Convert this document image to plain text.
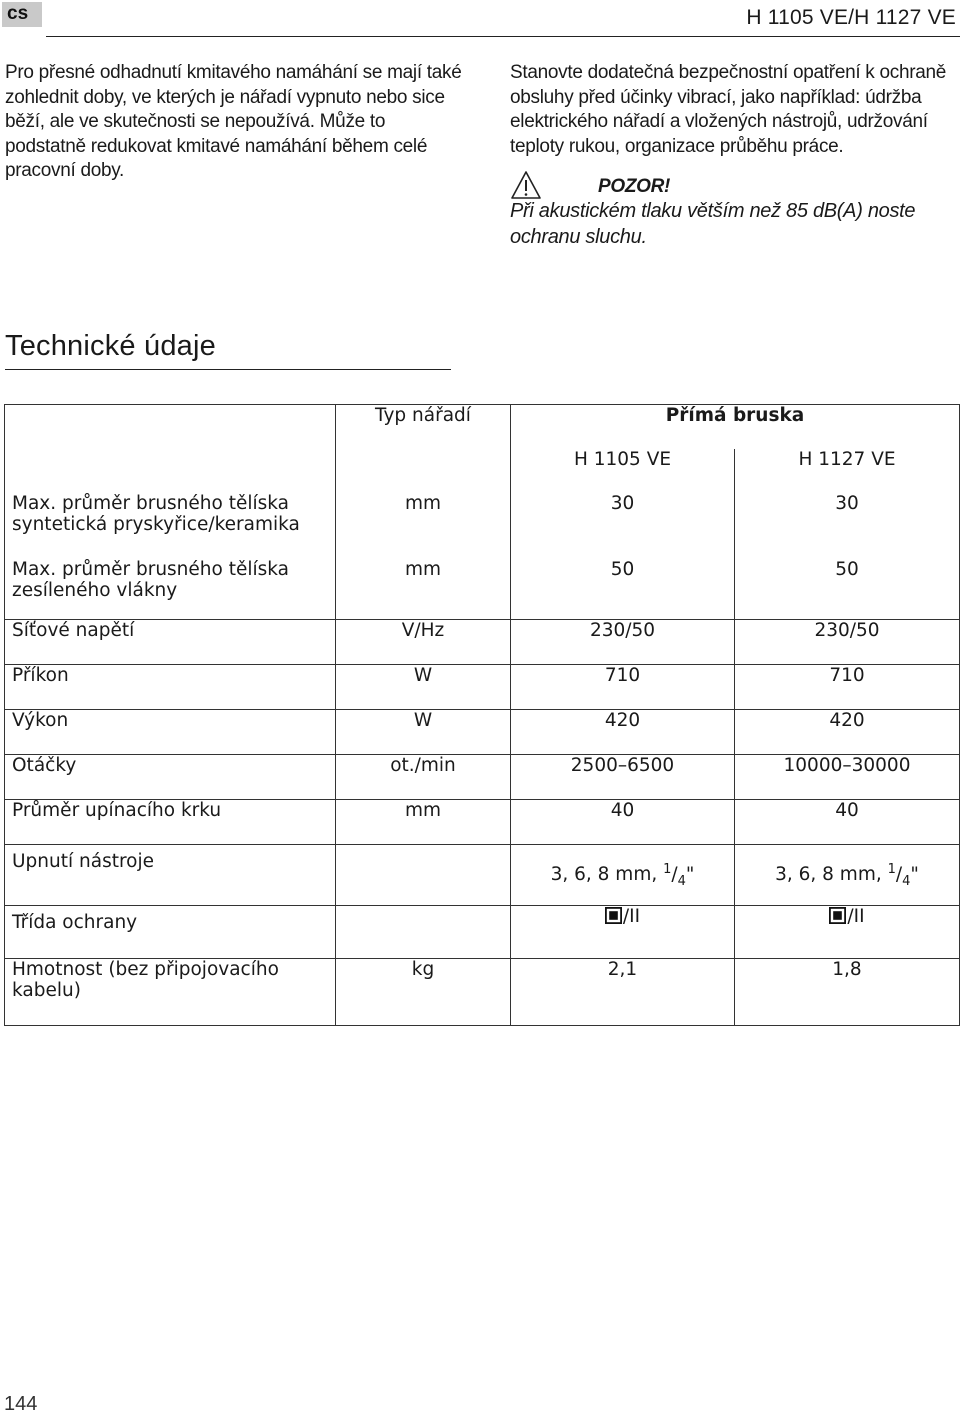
cs	H 1105 VE/H 1127 VE

Pro přesné odhadnutí kmitavého namáhání se mají také zohlednit doby, ve kterých je nářadí vypnuto nebo sice běží, ale ve skutečnosti se nepoužívá. Může to podstatně redukovat kmitavé namáhání během celé pracovní doby.

Stanovte dodatečná bezpečnostní opatření k ochraně obsluhy před účinky vibrací, jako například: údržba elektrického nářadí a vložených nástrojů, udržování teploty rukou, organizace průběhu práce.

POZOR!

Při akustickém tlaku větším než 85 dB(A) noste ochranu sluchu.

Technické údaje
	Typ nářadí	Přímá bruska	
		H 1105 VE	H 1127 VE
Max. průměr brusného tělíska syntetická pryskyřice/keramika	mm	30	30
Max. průměr brusného tělíska zesíleného vlákny	mm	50	50
Síťové napětí	V/Hz	230/50	230/50
Příkon	W	710	710
Výkon	W	420	420
Otáčky	ot./min	2500–6500	10000–30000
Průměr upínacího krku	mm	40	40
Upnutí nástroje		3, 6, 8 mm, $^1/_4$"	3, 6, 8 mm, $^1/_4$"
Třída ochrany		/II	/II
Hmotnost (bez připojovacího kabelu)	kg	2,1	1,8
144
